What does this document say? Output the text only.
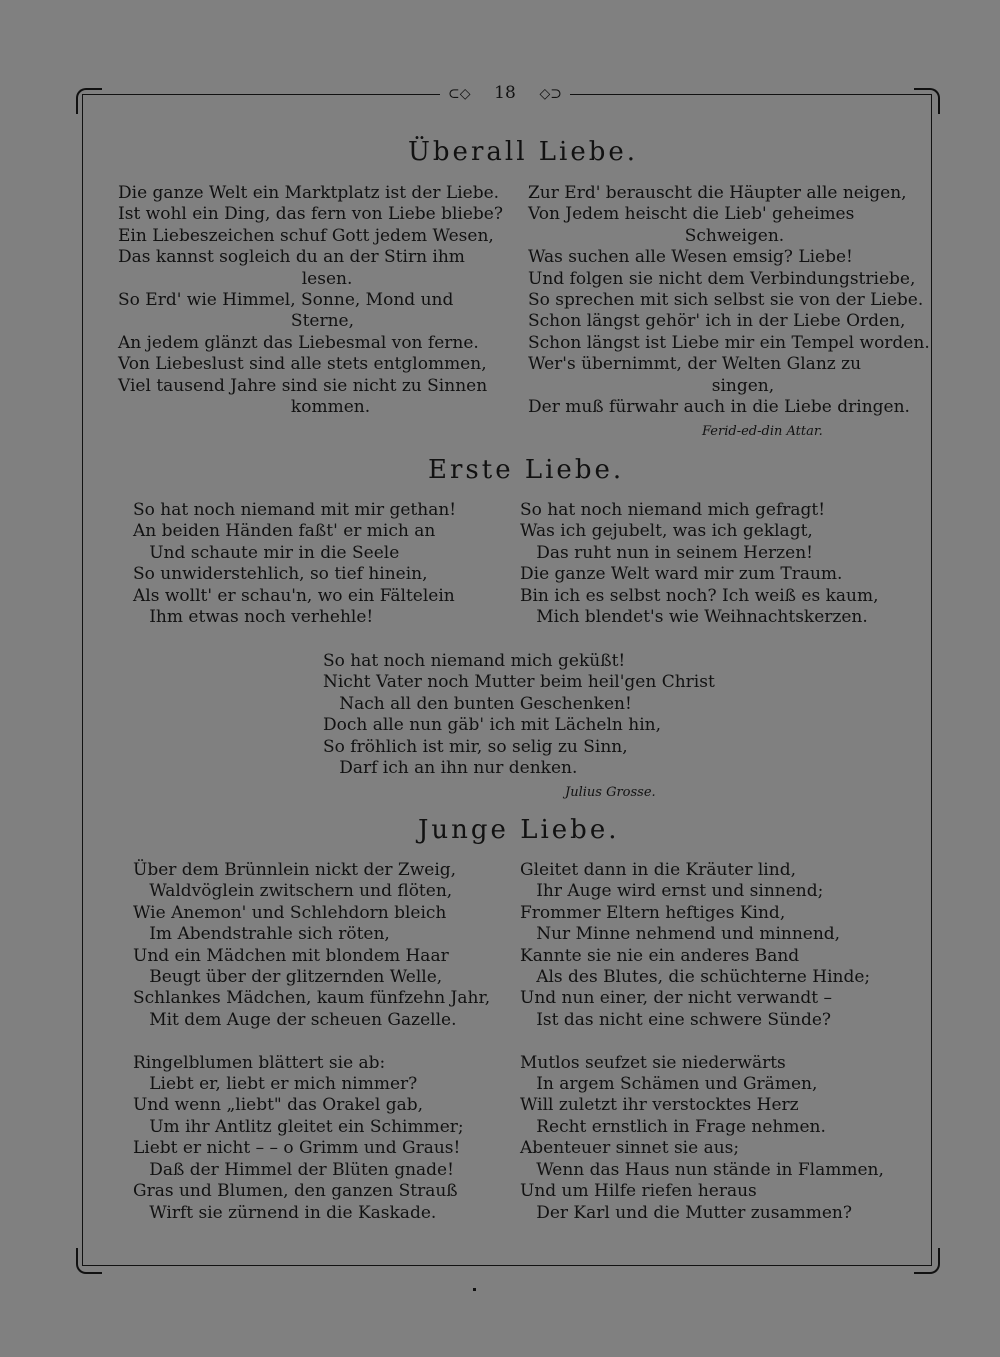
⊂◇ 18 ◇⊃
Überall Liebe.
Die ganze Welt ein Marktplatz ist der Liebe.
Ist wohl ein Ding, das fern von Liebe bliebe?
Ein Liebeszeichen schuf Gott jedem Wesen,
Das kannst sogleich du an der Stirn ihm
lesen.
So Erd' wie Himmel, Sonne, Mond und
Sterne,
An jedem glänzt das Liebesmal von ferne.
Von Liebeslust sind alle stets entglommen,
Viel tausend Jahre sind sie nicht zu Sinnen
kommen.
Zur Erd' berauscht die Häupter alle neigen,
Von Jedem heischt die Lieb' geheimes
Schweigen.
Was suchen alle Wesen emsig? Liebe!
Und folgen sie nicht dem Verbindungstriebe,
So sprechen mit sich selbst sie von der Liebe.
Schon längst gehör' ich in der Liebe Orden,
Schon längst ist Liebe mir ein Tempel worden.
Wer's übernimmt, der Welten Glanz zu
singen,
Der muß fürwahr auch in die Liebe dringen.
Ferid-ed-din Attar.
Erste Liebe.
So hat noch niemand mit mir gethan!
An beiden Händen faßt' er mich an
Und schaute mir in die Seele
So unwiderstehlich, so tief hinein,
Als wollt' er schau'n, wo ein Fältelein
Ihm etwas noch verhehle!
So hat noch niemand mich gefragt!
Was ich gejubelt, was ich geklagt,
Das ruht nun in seinem Herzen!
Die ganze Welt ward mir zum Traum.
Bin ich es selbst noch? Ich weiß es kaum,
Mich blendet's wie Weihnachtskerzen.
So hat noch niemand mich geküßt!
Nicht Vater noch Mutter beim heil'gen Christ
Nach all den bunten Geschenken!
Doch alle nun gäb' ich mit Lächeln hin,
So fröhlich ist mir, so selig zu Sinn,
Darf ich an ihn nur denken.
Julius Grosse.
Junge Liebe.
Über dem Brünnlein nickt der Zweig,
Waldvöglein zwitschern und flöten,
Wie Anemon' und Schlehdorn bleich
Im Abendstrahle sich röten,
Und ein Mädchen mit blondem Haar
Beugt über der glitzernden Welle,
Schlankes Mädchen, kaum fünfzehn Jahr,
Mit dem Auge der scheuen Gazelle.

Ringelblumen blättert sie ab:
Liebt er, liebt er mich nimmer?
Und wenn „liebt" das Orakel gab,
Um ihr Antlitz gleitet ein Schimmer;
Liebt er nicht – – o Grimm und Graus!
Daß der Himmel der Blüten gnade!
Gras und Blumen, den ganzen Strauß
Wirft sie zürnend in die Kaskade.
Gleitet dann in die Kräuter lind,
Ihr Auge wird ernst und sinnend;
Frommer Eltern heftiges Kind,
Nur Minne nehmend und minnend,
Kannte sie nie ein anderes Band
Als des Blutes, die schüchterne Hinde;
Und nun einer, der nicht verwandt –
Ist das nicht eine schwere Sünde?

Mutlos seufzet sie niederwärts
In argem Schämen und Grämen,
Will zuletzt ihr verstocktes Herz
Recht ernstlich in Frage nehmen.
Abenteuer sinnet sie aus;
Wenn das Haus nun stände in Flammen,
Und um Hilfe riefen heraus
Der Karl und die Mutter zusammen?
